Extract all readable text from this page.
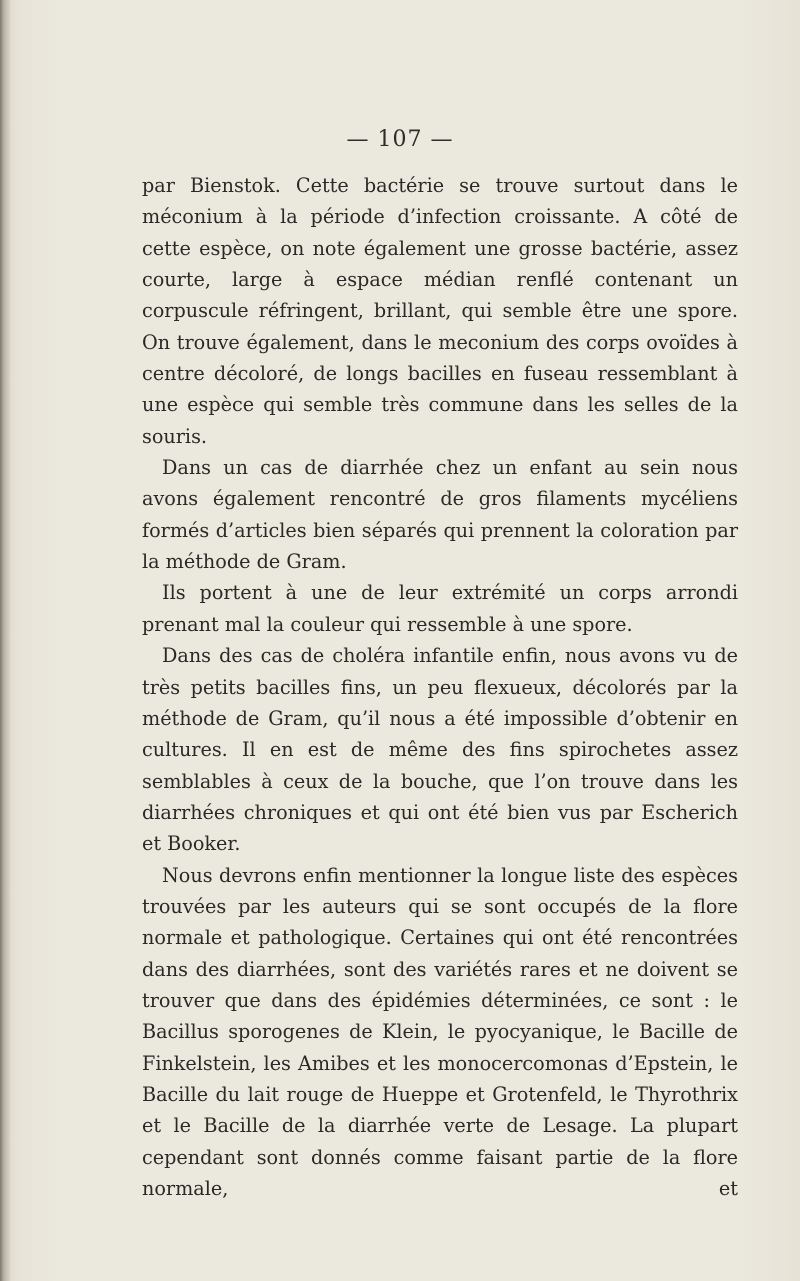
— 107 —

par Bienstok. Cette bactérie se trouve surtout dans le méconium à la période d’infection croissante. A côté de cette espèce, on note également une grosse bactérie, assez courte, large à espace médian renflé contenant un corpuscule réfringent, brillant, qui semble être une spore. On trouve également, dans le meconium des corps ovoïdes à centre décoloré, de longs bacilles en fuseau ressemblant à une espèce qui semble très commune dans les selles de la souris.

Dans un cas de diarrhée chez un enfant au sein nous avons également rencontré de gros filaments mycéliens formés d’articles bien séparés qui prennent la coloration par la méthode de Gram.

Ils portent à une de leur extrémité un corps arrondi prenant mal la couleur qui ressemble à une spore.

Dans des cas de choléra infantile enfin, nous avons vu de très petits bacilles fins, un peu flexueux, décolorés par la méthode de Gram, qu’il nous a été impossible d’obtenir en cultures. Il en est de même des fins spirochetes assez semblables à ceux de la bouche, que l’on trouve dans les diarrhées chroniques et qui ont été bien vus par Escherich et Booker.

Nous devrons enfin mentionner la longue liste des espèces trouvées par les auteurs qui se sont occupés de la flore normale et pathologique. Certaines qui ont été rencontrées dans des diarrhées, sont des variétés rares et ne doivent se trouver que dans des épidémies déterminées, ce sont : le Bacillus sporogenes de Klein, le pyocyanique, le Bacille de Finkelstein, les Amibes et les monocercomonas d’Epstein, le Bacille du lait rouge de Hueppe et Grotenfeld, le Thyrothrix et le Bacille de la diarrhée verte de Lesage. La plupart cependant sont donnés comme faisant partie de la flore normale, et
